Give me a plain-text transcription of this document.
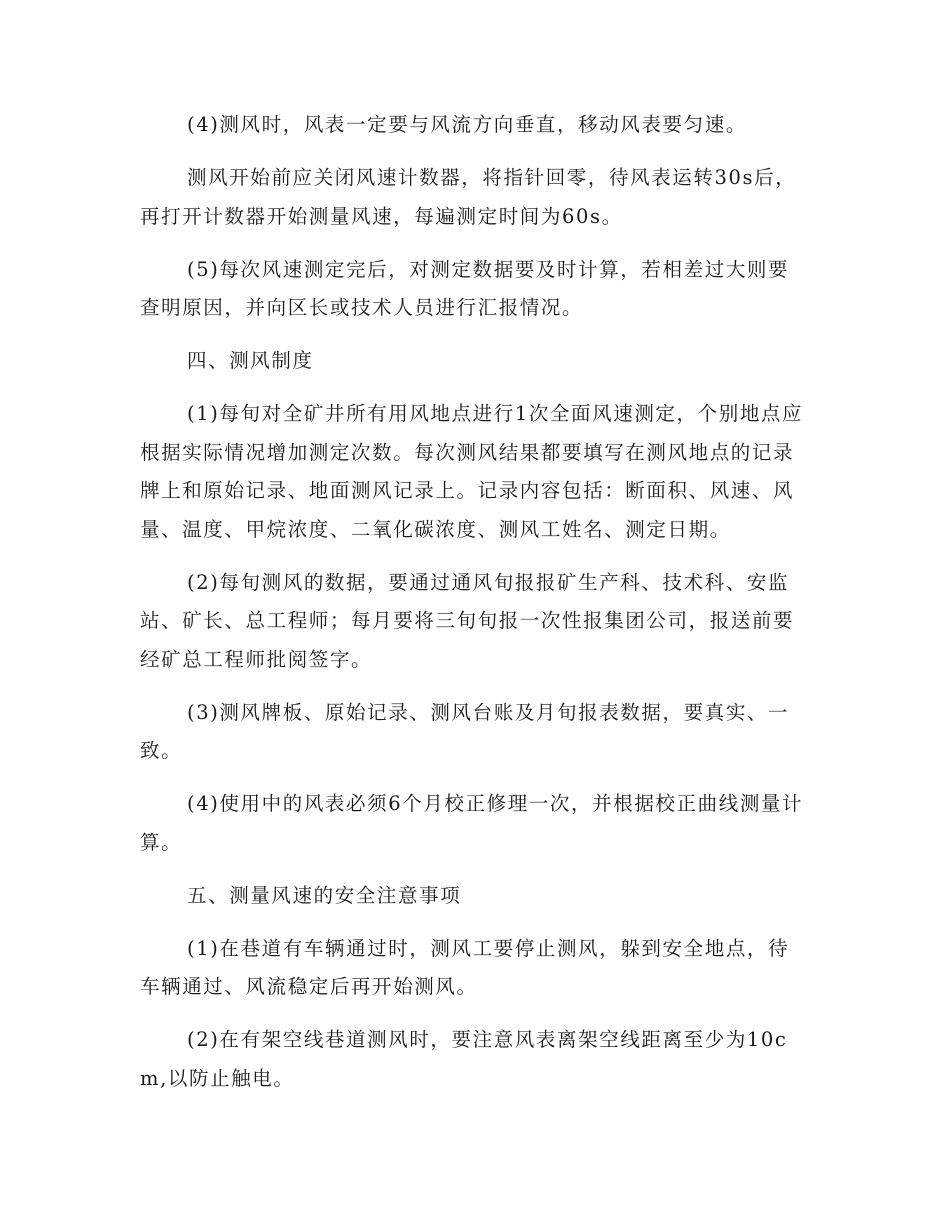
(4)测风时，风表一定要与风流方向垂直，移动风表要匀速。

测风开始前应关闭风速计数器，将指针回零，待风表运转30s后，再打开计数器开始测量风速，每遍测定时间为60s。

(5)每次风速测定完后，对测定数据要及时计算，若相差过大则要查明原因，并向区长或技术人员进行汇报情况。

四、测风制度

(1)每旬对全矿井所有用风地点进行1次全面风速测定，个别地点应根据实际情况增加测定次数。每次测风结果都要填写在测风地点的记录牌上和原始记录、地面测风记录上。记录内容包括：断面积、风速、风量、温度、甲烷浓度、二氧化碳浓度、测风工姓名、测定日期。

(2)每旬测风的数据，要通过通风旬报报矿生产科、技术科、安监站、矿长、总工程师；每月要将三旬旬报一次性报集团公司，报送前要经矿总工程师批阅签字。

(3)测风牌板、原始记录、测风台账及月旬报表数据，要真实、一致。

(4)使用中的风表必须6个月校正修理一次，并根据校正曲线测量计算。

五、测量风速的安全注意事项

(1)在巷道有车辆通过时，测风工要停止测风，躲到安全地点，待车辆通过、风流稳定后再开始测风。

(2)在有架空线巷道测风时，要注意风表离架空线距离至少为10cm,以防止触电。
